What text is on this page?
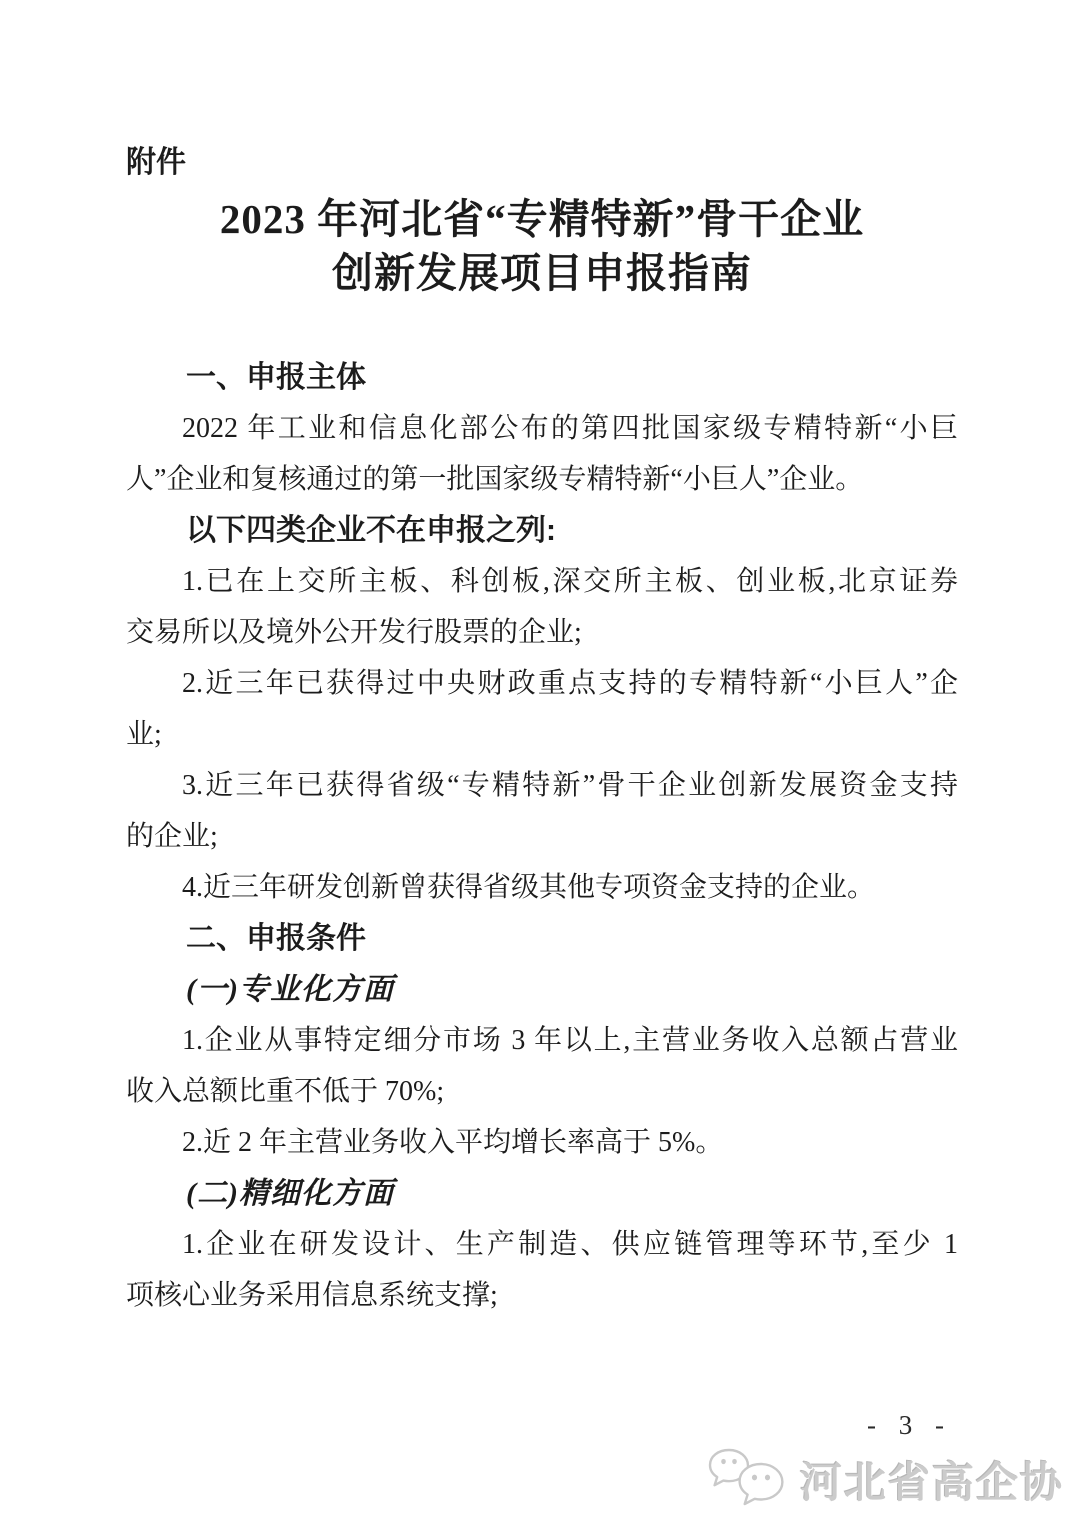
附件
2023 年河北省“专精特新”骨干企业
创新发展项目申报指南
一、申报主体
2022 年工业和信息化部公布的第四批国家级专精特新“小巨
人”企业和复核通过的第一批国家级专精特新“小巨人”企业。
以下四类企业不在申报之列:
1.已在上交所主板、科创板,深交所主板、创业板,北京证券
交易所以及境外公开发行股票的企业;
2.近三年已获得过中央财政重点支持的专精特新“小巨人”企
业;
3.近三年已获得省级“专精特新”骨干企业创新发展资金支持
的企业;
4.近三年研发创新曾获得省级其他专项资金支持的企业。
二、申报条件
(一)专业化方面
1.企业从事特定细分市场 3 年以上,主营业务收入总额占营业
收入总额比重不低于 70%;
2.近 2 年主营业务收入平均增长率高于 5%。
(二)精细化方面
1.企业在研发设计、生产制造、供应链管理等环节,至少 1
项核心业务采用信息系统支撑;
- 3 -
河北省高企协
